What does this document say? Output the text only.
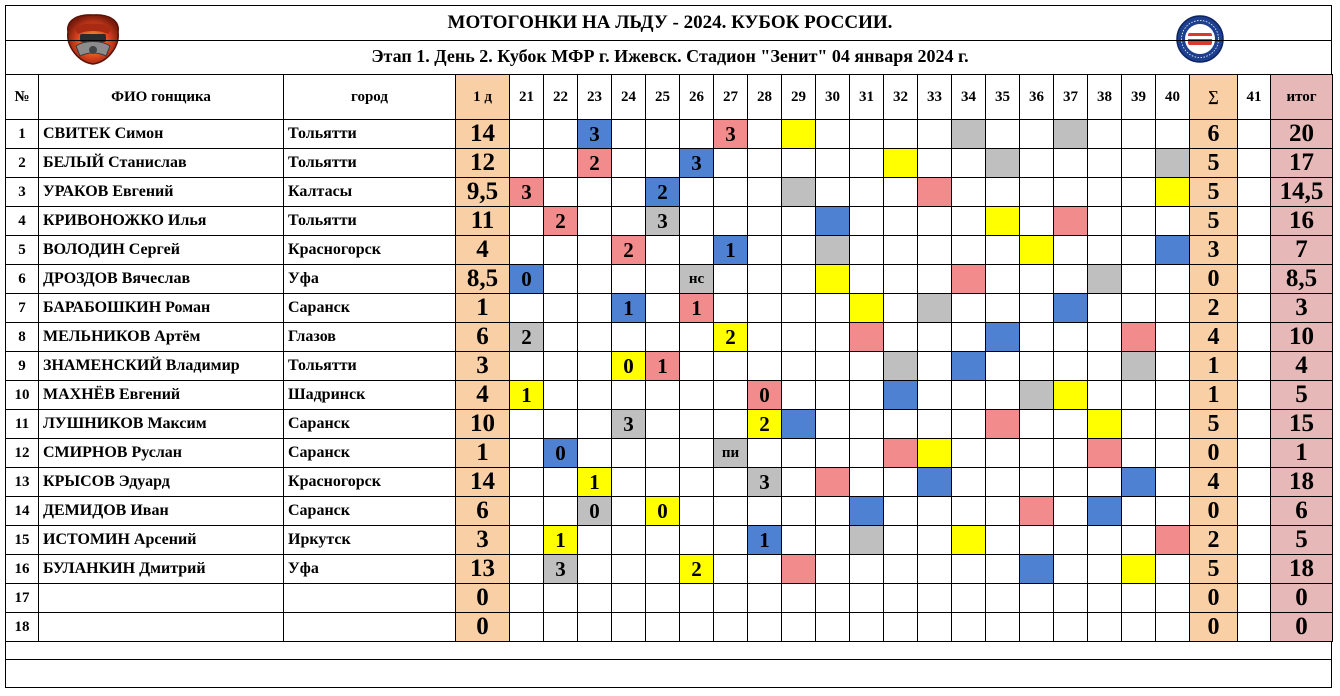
МОТОГОНКИ НА ЛЬДУ - 2024. КУБОК РОССИИ.
Этап 1. День 2. Кубок МФР г. Ижевск. Стадион "Зенит" 04 января 2024 г.
№	ФИО гонщика	город	1 д	21	22	23	24	25	26	27	28	29	30	31	32	33	34	35	36	37	38	39	40	∑	41	итог
1	СВИТЕК Симон	Тольятти	14			3				3														6		20
2	БЕЛЫЙ Станислав	Тольятти	12			2			3															5		17
3	УРАКОВ Евгений	Калтасы	9,5	3				2																5		14,5
4	КРИВОНОЖКО Илья	Тольятти	11		2			3																5		16
5	ВОЛОДИН Сергей	Красногорск	4				2			1														3		7
6	ДРОЗДОВ Вячеслав	Уфа	8,5	0					нс															0		8,5
7	БАРАБОШКИН Роман	Саранск	1				1		1															2		3
8	МЕЛЬНИКОВ Артём	Глазов	6	2						2														4		10
9	ЗНАМЕНСКИЙ Владимир	Тольятти	3				0	1																1		4
10	МАХНЁВ Евгений	Шадринск	4	1							0													1		5
11	ЛУШНИКОВ Максим	Саранск	10				3				2													5		15
12	СМИРНОВ Руслан	Саранск	1		0					пи														0		1
13	КРЫСОВ Эдуард	Красногорск	14			1					3													4		18
14	ДЕМИДОВ Иван	Саранск	6			0		0																0		6
15	ИСТОМИН Арсений	Иркутск	3		1						1													2		5
16	БУЛАНКИН Дмитрий	Уфа	13		3				2															5		18
17			0																					0		0
18			0																					0		0
